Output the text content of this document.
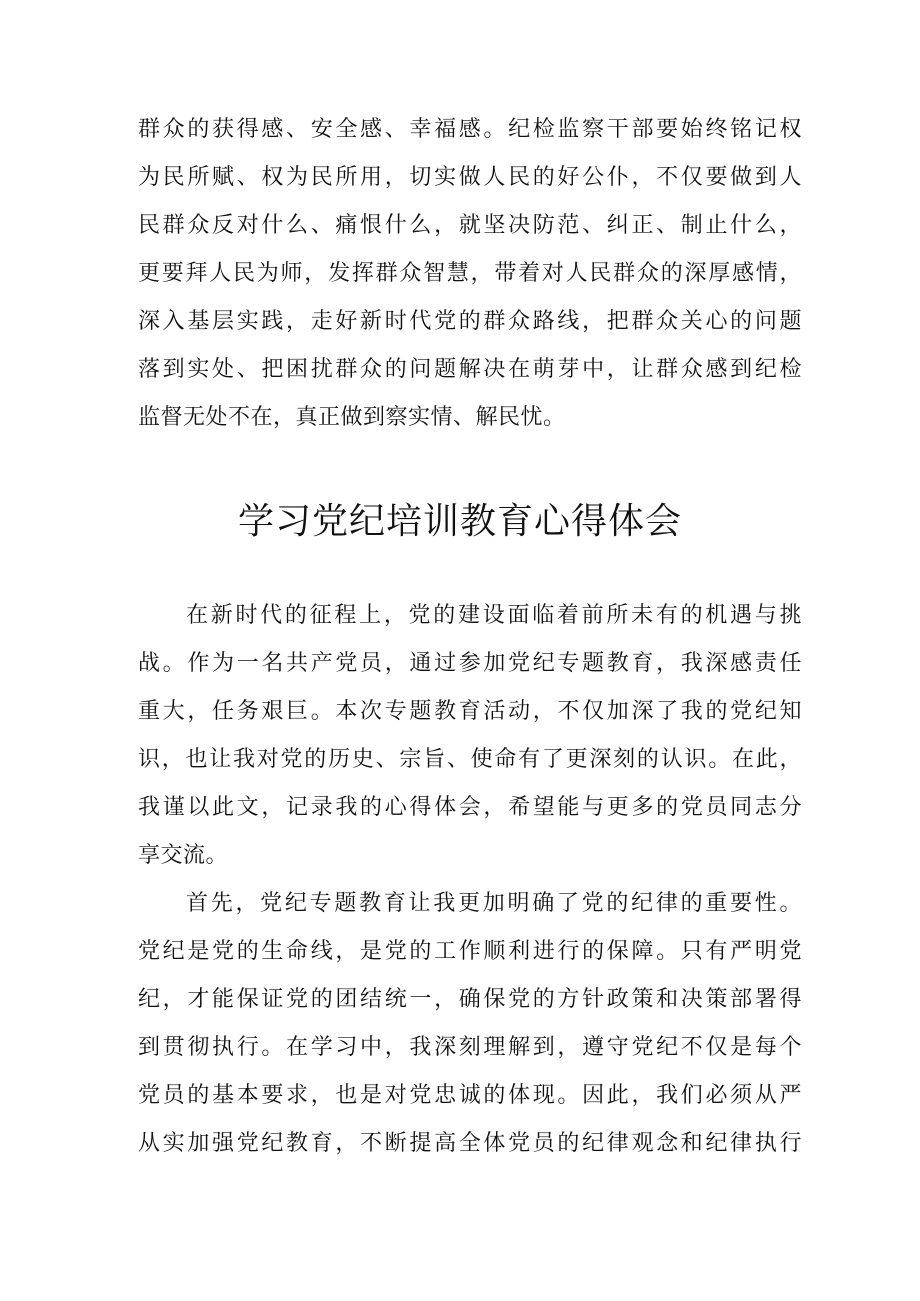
群众的获得感、安全感、幸福感。纪检监察干部要始终铭记权
为民所赋、权为民所用，切实做人民的好公仆，不仅要做到人
民群众反对什么、痛恨什么，就坚决防范、纠正、制止什么，
更要拜人民为师，发挥群众智慧，带着对人民群众的深厚感情，
深入基层实践，走好新时代党的群众路线，把群众关心的问题
落到实处、把困扰群众的问题解决在萌芽中，让群众感到纪检
监督无处不在，真正做到察实情、解民忧。
学习党纪培训教育心得体会
在新时代的征程上，党的建设面临着前所未有的机遇与挑
战。作为一名共产党员，通过参加党纪专题教育，我深感责任
重大，任务艰巨。本次专题教育活动，不仅加深了我的党纪知
识，也让我对党的历史、宗旨、使命有了更深刻的认识。在此，
我谨以此文，记录我的心得体会，希望能与更多的党员同志分
享交流。
首先，党纪专题教育让我更加明确了党的纪律的重要性。
党纪是党的生命线，是党的工作顺利进行的保障。只有严明党
纪，才能保证党的团结统一，确保党的方针政策和决策部署得
到贯彻执行。在学习中，我深刻理解到，遵守党纪不仅是每个
党员的基本要求，也是对党忠诚的体现。因此，我们必须从严
从实加强党纪教育，不断提高全体党员的纪律观念和纪律执行
